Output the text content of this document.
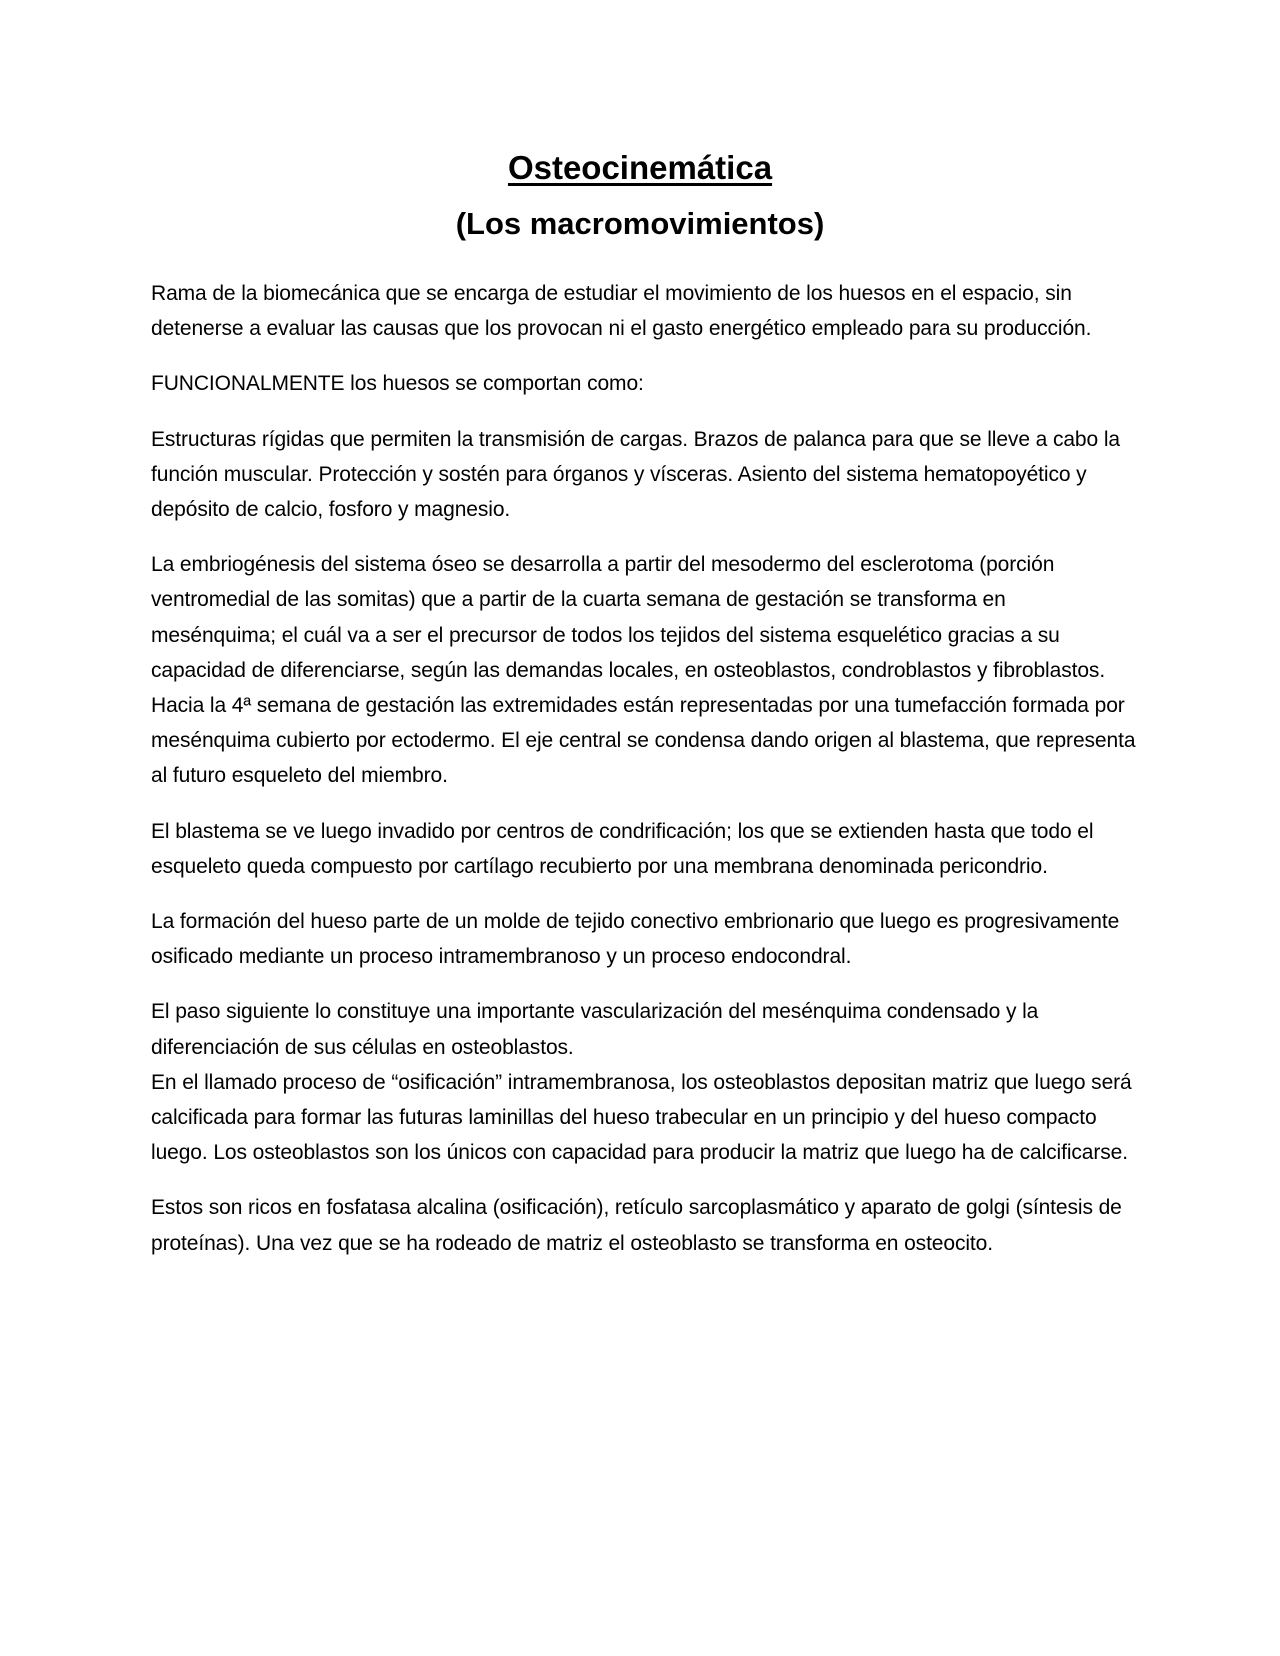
Osteocinemática
(Los macromovimientos)

Rama de la biomecánica que se encarga de estudiar el movimiento de los huesos en el espacio, sin detenerse a evaluar las causas que los provocan ni el gasto energético empleado para su producción.

FUNCIONALMENTE los huesos se comportan como:

Estructuras rígidas que permiten la transmisión de cargas. Brazos de palanca para que se lleve a cabo la función muscular. Protección y sostén para órganos y vísceras. Asiento del sistema hematopoyético y depósito de calcio, fosforo y magnesio.

La embriogénesis del sistema óseo se desarrolla a partir del mesodermo del esclerotoma (porción ventromedial de las somitas) que a partir de la cuarta semana de gestación se transforma en mesénquima; el cuál va a ser el precursor de todos los tejidos del sistema esquelético gracias a su capacidad de diferenciarse, según las demandas locales, en osteoblastos, condroblastos y fibroblastos. Hacia la 4ª semana de gestación las extremidades están representadas por una tumefacción formada por mesénquima cubierto por ectodermo. El eje central se condensa dando origen al blastema, que representa al futuro esqueleto del miembro.

El blastema se ve luego invadido por centros de condrificación; los que se extienden hasta que todo el esqueleto queda compuesto por cartílago recubierto por una membrana denominada pericondrio.

La formación del hueso parte de un molde de tejido conectivo embrionario que luego es progresivamente osificado mediante un proceso intramembranoso y un proceso endocondral.

El paso siguiente lo constituye una importante vascularización del mesénquima condensado y la diferenciación de sus células en osteoblastos.

En el llamado proceso de “osificación” intramembranosa, los osteoblastos depositan matriz que luego será calcificada para formar las futuras laminillas del hueso trabecular en un principio y del hueso compacto luego. Los osteoblastos son los únicos con capacidad para producir la matriz que luego ha de calcificarse.

Estos son ricos en fosfatasa alcalina (osificación), retículo sarcoplasmático y aparato de golgi (síntesis de proteínas). Una vez que se ha rodeado de matriz el osteoblasto se transforma en osteocito.
